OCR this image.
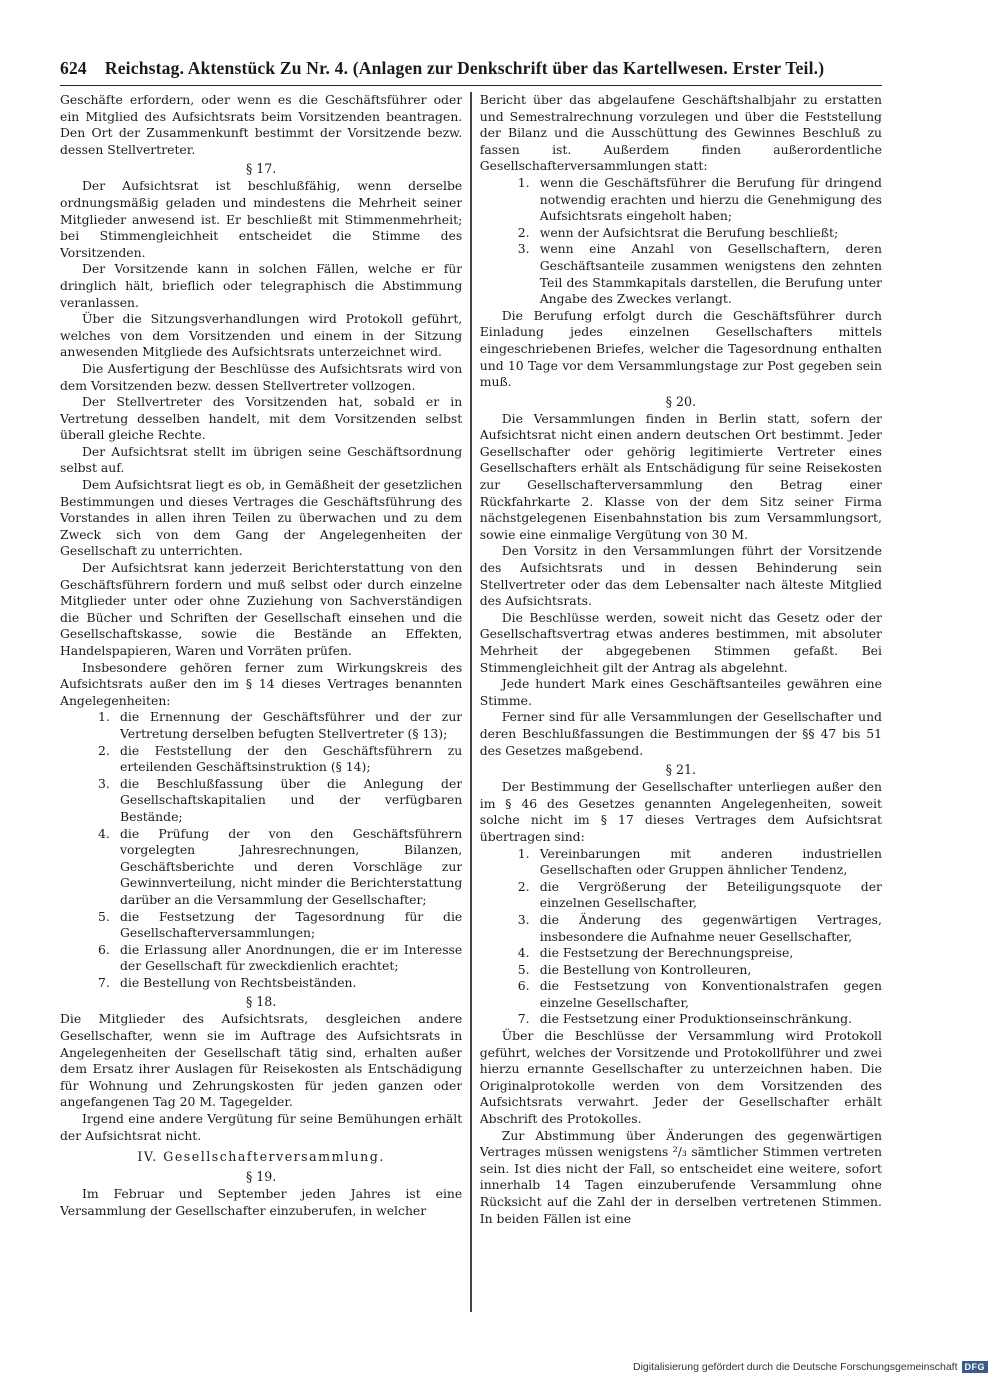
624 Reichstag. Aktenstück Zu Nr. 4. (Anlagen zur Denkschrift über das Kartellwesen. Erster Teil.)

Geschäfte erfordern, oder wenn es die Geschäftsführer oder ein Mitglied des Aufsichtsrats beim Vorsitzenden beantragen. Den Ort der Zusammenkunft bestimmt der Vorsitzende bezw. dessen Stellvertreter.

§ 17.

Der Aufsichtsrat ist beschlußfähig, wenn derselbe ordnungsmäßig geladen und mindestens die Mehrheit seiner Mitglieder anwesend ist. Er beschließt mit Stimmenmehrheit; bei Stimmengleichheit entscheidet die Stimme des Vorsitzenden.

Der Vorsitzende kann in solchen Fällen, welche er für dringlich hält, brieflich oder telegraphisch die Abstimmung veranlassen.

Über die Sitzungsverhandlungen wird Protokoll geführt, welches von dem Vorsitzenden und einem in der Sitzung anwesenden Mitgliede des Aufsichtsrats unterzeichnet wird.

Die Ausfertigung der Beschlüsse des Aufsichtsrats wird von dem Vorsitzenden bezw. dessen Stellvertreter vollzogen.

Der Stellvertreter des Vorsitzenden hat, sobald er in Vertretung desselben handelt, mit dem Vorsitzenden selbst überall gleiche Rechte.

Der Aufsichtsrat stellt im übrigen seine Geschäftsordnung selbst auf.

Dem Aufsichtsrat liegt es ob, in Gemäßheit der gesetzlichen Bestimmungen und dieses Vertrages die Geschäftsführung des Vorstandes in allen ihren Teilen zu überwachen und zu dem Zweck sich von dem Gang der Angelegenheiten der Gesellschaft zu unterrichten.

Der Aufsichtsrat kann jederzeit Berichterstattung von den Geschäftsführern fordern und muß selbst oder durch einzelne Mitglieder unter oder ohne Zuziehung von Sachverständigen die Bücher und Schriften der Gesellschaft einsehen und die Gesellschaftskasse, sowie die Bestände an Effekten, Handelspapieren, Waren und Vorräten prüfen.

Insbesondere gehören ferner zum Wirkungskreis des Aufsichtsrats außer den im § 14 dieses Vertrages benannten Angelegenheiten:

1. die Ernennung der Geschäftsführer und der zur Vertretung derselben befugten Stellvertreter (§ 13);
2. die Feststellung der den Geschäftsführern zu erteilenden Geschäftsinstruktion (§ 14);
3. die Beschlußfassung über die Anlegung der Gesellschaftskapitalien und der verfügbaren Bestände;
4. die Prüfung der von den Geschäftsführern vorgelegten Jahresrechnungen, Bilanzen, Geschäftsberichte und deren Vorschläge zur Gewinnverteilung, nicht minder die Berichterstattung darüber an die Versammlung der Gesellschafter;
5. die Festsetzung der Tagesordnung für die Gesellschafterversammlungen;
6. die Erlassung aller Anordnungen, die er im Interesse der Gesellschaft für zweckdienlich erachtet;
7. die Bestellung von Rechtsbeiständen.
§ 18.

Die Mitglieder des Aufsichtsrats, desgleichen andere Gesellschafter, wenn sie im Auftrage des Aufsichtsrats in Angelegenheiten der Gesellschaft tätig sind, erhalten außer dem Ersatz ihrer Auslagen für Reisekosten als Entschädigung für Wohnung und Zehrungskosten für jeden ganzen oder angefangenen Tag 20 M. Tagegelder.

Irgend eine andere Vergütung für seine Bemühungen erhält der Aufsichtsrat nicht.

IV. Gesellschafterversammlung.
§ 19.

Im Februar und September jeden Jahres ist eine Versammlung der Gesellschafter einzuberufen, in welcher

Bericht über das abgelaufene Geschäftshalbjahr zu erstatten und Semestralrechnung vorzulegen und über die Feststellung der Bilanz und die Ausschüttung des Gewinnes Beschluß zu fassen ist. Außerdem finden außerordentliche Gesellschafterversammlungen statt:

1. wenn die Geschäftsführer die Berufung für dringend notwendig erachten und hierzu die Genehmigung des Aufsichtsrats eingeholt haben;
2. wenn der Aufsichtsrat die Berufung beschließt;
3. wenn eine Anzahl von Gesellschaftern, deren Geschäftsanteile zusammen wenigstens den zehnten Teil des Stammkapitals darstellen, die Berufung unter Angabe des Zweckes verlangt.

Die Berufung erfolgt durch die Geschäftsführer durch Einladung jedes einzelnen Gesellschafters mittels eingeschriebenen Briefes, welcher die Tagesordnung enthalten und 10 Tage vor dem Versammlungstage zur Post gegeben sein muß.

§ 20.

Die Versammlungen finden in Berlin statt, sofern der Aufsichtsrat nicht einen andern deutschen Ort bestimmt. Jeder Gesellschafter oder gehörig legitimierte Vertreter eines Gesellschafters erhält als Entschädigung für seine Reisekosten zur Gesellschafterversammlung den Betrag einer Rückfahrkarte 2. Klasse von der dem Sitz seiner Firma nächstgelegenen Eisenbahnstation bis zum Versammlungsort, sowie eine einmalige Vergütung von 30 M.

Den Vorsitz in den Versammlungen führt der Vorsitzende des Aufsichtsrats und in dessen Behinderung sein Stellvertreter oder das dem Lebensalter nach älteste Mitglied des Aufsichtsrats.

Die Beschlüsse werden, soweit nicht das Gesetz oder der Gesellschaftsvertrag etwas anderes bestimmen, mit absoluter Mehrheit der abgegebenen Stimmen gefaßt. Bei Stimmengleichheit gilt der Antrag als abgelehnt.

Jede hundert Mark eines Geschäftsanteiles gewähren eine Stimme.

Ferner sind für alle Versammlungen der Gesellschafter und deren Beschlußfassungen die Bestimmungen der §§ 47 bis 51 des Gesetzes maßgebend.

§ 21.

Der Bestimmung der Gesellschafter unterliegen außer den im § 46 des Gesetzes genannten Angelegenheiten, soweit solche nicht im § 17 dieses Vertrages dem Aufsichtsrat übertragen sind:

1. Vereinbarungen mit anderen industriellen Gesellschaften oder Gruppen ähnlicher Tendenz,
2. die Vergrößerung der Beteiligungsquote der einzelnen Gesellschafter,
3. die Änderung des gegenwärtigen Vertrages, insbesondere die Aufnahme neuer Gesellschafter,
4. die Festsetzung der Berechnungspreise,
5. die Bestellung von Kontrolleuren,
6. die Festsetzung von Konventionalstrafen gegen einzelne Gesellschafter,
7. die Festsetzung einer Produktionseinschränkung.

Über die Beschlüsse der Versammlung wird Protokoll geführt, welches der Vorsitzende und Protokollführer und zwei hierzu ernannte Gesellschafter zu unterzeichnen haben. Die Originalprotokolle werden von dem Vorsitzenden des Aufsichtsrats verwahrt. Jeder der Gesellschafter erhält Abschrift des Protokolles.

Zur Abstimmung über Änderungen des gegenwärtigen Vertrages müssen wenigstens ²/₃ sämtlicher Stimmen vertreten sein. Ist dies nicht der Fall, so entscheidet eine weitere, sofort innerhalb 14 Tagen einzuberufende Versammlung ohne Rücksicht auf die Zahl der in derselben vertretenen Stimmen. In beiden Fällen ist eine

Digitalisierung gefördert durch die Deutsche Forschungsgemeinschaft DFG
